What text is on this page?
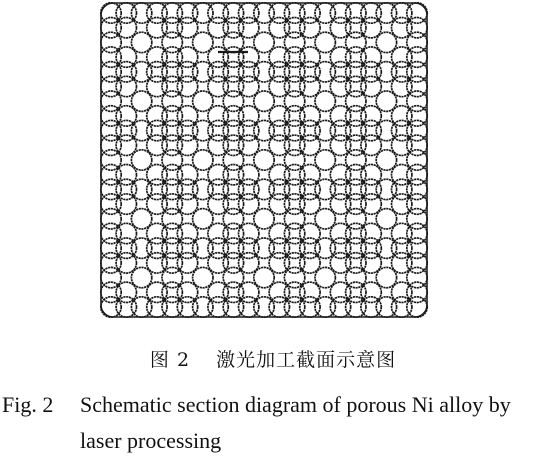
图 2 激光加工截面示意图
Fig. 2 Schematic section diagram of porous Ni alloy by
laser processing
